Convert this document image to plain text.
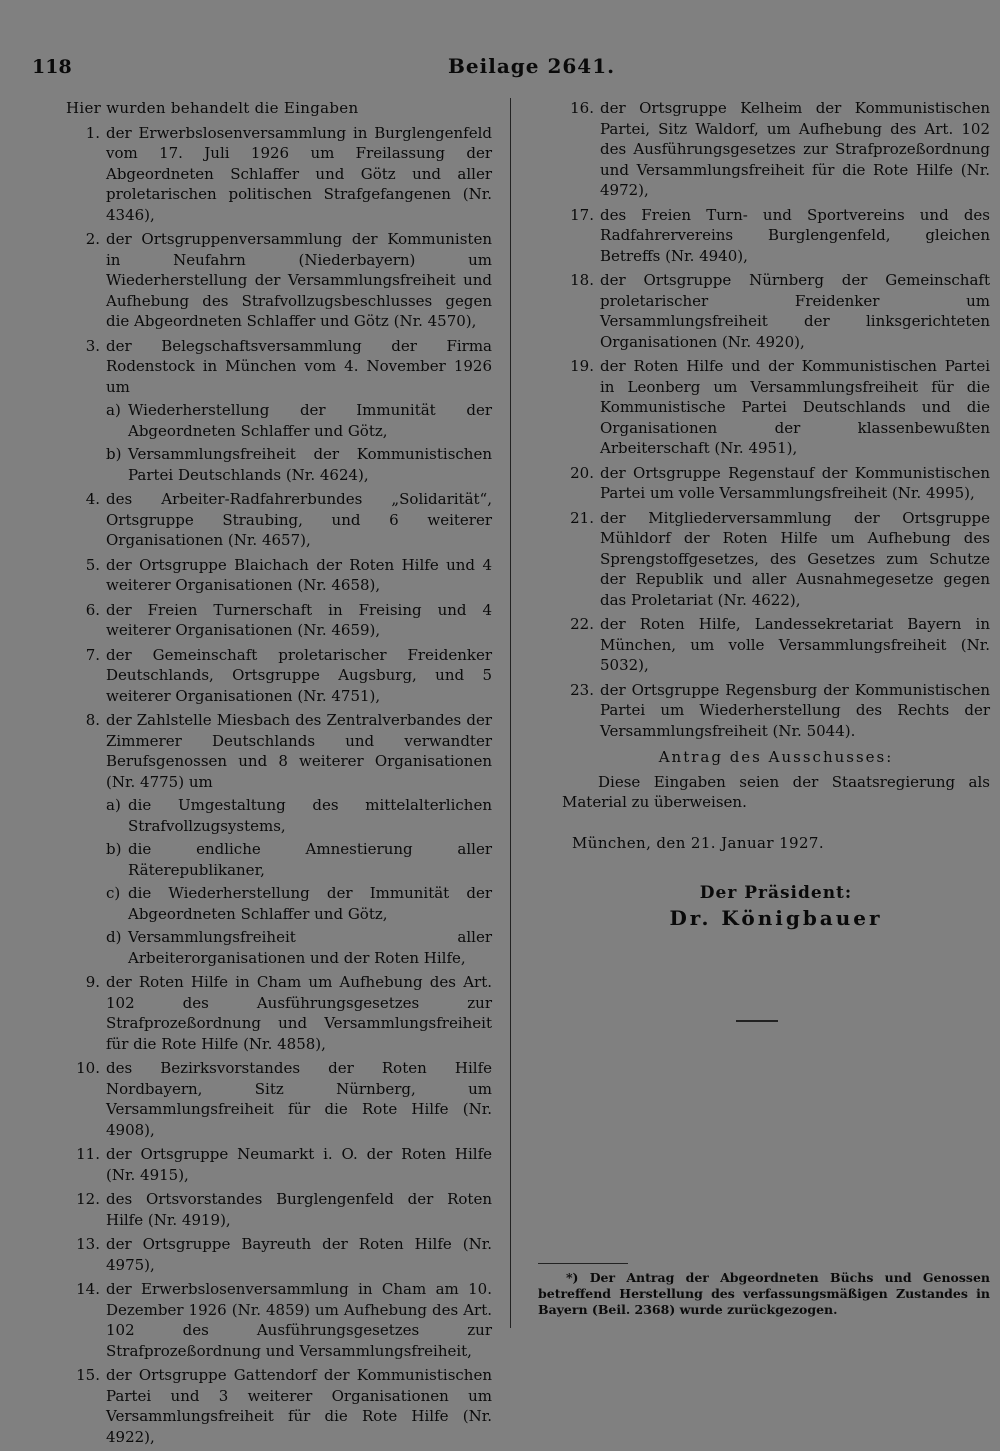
118	Beilage 2641.
Hier wurden behandelt die Eingaben
1. der Erwerbslosenversammlung in Burglengenfeld vom 17. Juli 1926 um Freilassung der Abgeordneten Schlaffer und Götz und aller proletarischen politischen Strafgefangenen (Nr. 4346),
2. der Ortsgruppenversammlung der Kommunisten in Neufahrn (Niederbayern) um Wiederherstellung der Versammlungsfreiheit und Aufhebung des Strafvollzugsbeschlusses gegen die Abgeordneten Schlaffer und Götz (Nr. 4570),
3. der Belegschaftsversammlung der Firma Rodenstock in München vom 4. November 1926 um
a) Wiederherstellung der Immunität der Abgeordneten Schlaffer und Götz,
b) Versammlungsfreiheit der Kommunistischen Partei Deutschlands (Nr. 4624),
4. des Arbeiter-Radfahrerbundes „Solidarität“, Ortsgruppe Straubing, und 6 weiterer Organisationen (Nr. 4657),
5. der Ortsgruppe Blaichach der Roten Hilfe und 4 weiterer Organisationen (Nr. 4658),
6. der Freien Turnerschaft in Freising und 4 weiterer Organisationen (Nr. 4659),
7. der Gemeinschaft proletarischer Freidenker Deutschlands, Ortsgruppe Augsburg, und 5 weiterer Organisationen (Nr. 4751),
8. der Zahlstelle Miesbach des Zentralverbandes der Zimmerer Deutschlands und verwandter Berufsgenossen und 8 weiterer Organisationen (Nr. 4775) um
a) die Umgestaltung des mittelalterlichen Strafvollzugsystems,
b) die endliche Amnestierung aller Räterepublikaner,
c) die Wiederherstellung der Immunität der Abgeordneten Schlaffer und Götz,
d) Versammlungsfreiheit aller Arbeiterorganisationen und der Roten Hilfe,
9. der Roten Hilfe in Cham um Aufhebung des Art. 102 des Ausführungsgesetzes zur Strafprozeßordnung und Versammlungsfreiheit für die Rote Hilfe (Nr. 4858),
10. des Bezirksvorstandes der Roten Hilfe Nordbayern, Sitz Nürnberg, um Versammlungsfreiheit für die Rote Hilfe (Nr. 4908),
11. der Ortsgruppe Neumarkt i. O. der Roten Hilfe (Nr. 4915),
12. des Ortsvorstandes Burglengenfeld der Roten Hilfe (Nr. 4919),
13. der Ortsgruppe Bayreuth der Roten Hilfe (Nr. 4975),
14. der Erwerbslosenversammlung in Cham am 10. Dezember 1926 (Nr. 4859) um Aufhebung des Art. 102 des Ausführungsgesetzes zur Strafprozeßordnung und Versammlungsfreiheit,
15. der Ortsgruppe Gattendorf der Kommunistischen Partei und 3 weiterer Organisationen um Versammlungsfreiheit für die Rote Hilfe (Nr. 4922),
16. der Ortsgruppe Kelheim der Kommunistischen Partei, Sitz Waldorf, um Aufhebung des Art. 102 des Ausführungsgesetzes zur Strafprozeßordnung und Versammlungsfreiheit für die Rote Hilfe (Nr. 4972),
17. des Freien Turn- und Sportvereins und des Radfahrervereins Burglengenfeld, gleichen Betreffs (Nr. 4940),
18. der Ortsgruppe Nürnberg der Gemeinschaft proletarischer Freidenker um Versammlungsfreiheit der linksgerichteten Organisationen (Nr. 4920),
19. der Roten Hilfe und der Kommunistischen Partei in Leonberg um Versammlungsfreiheit für die Kommunistische Partei Deutschlands und die Organisationen der klassenbewußten Arbeiterschaft (Nr. 4951),
20. der Ortsgruppe Regenstauf der Kommunistischen Partei um volle Versammlungsfreiheit (Nr. 4995),
21. der Mitgliederversammlung der Ortsgruppe Mühldorf der Roten Hilfe um Aufhebung des Sprengstoffgesetzes, des Gesetzes zum Schutze der Republik und aller Ausnahmegesetze gegen das Proletariat (Nr. 4622),
22. der Roten Hilfe, Landessekretariat Bayern in München, um volle Versammlungsfreiheit (Nr. 5032),
23. der Ortsgruppe Regensburg der Kommunistischen Partei um Wiederherstellung des Rechts der Versammlungsfreiheit (Nr. 5044).
Antrag des Ausschusses:
Diese Eingaben seien der Staatsregierung als Material zu überweisen.
München, den 21. Januar 1927.
Der Präsident:
Dr. Königbauer
*) Der Antrag der Abgeordneten Büchs und Genossen betreffend Herstellung des verfassungsmäßigen Zustandes in Bayern (Beil. 2368) wurde zurückgezogen.
